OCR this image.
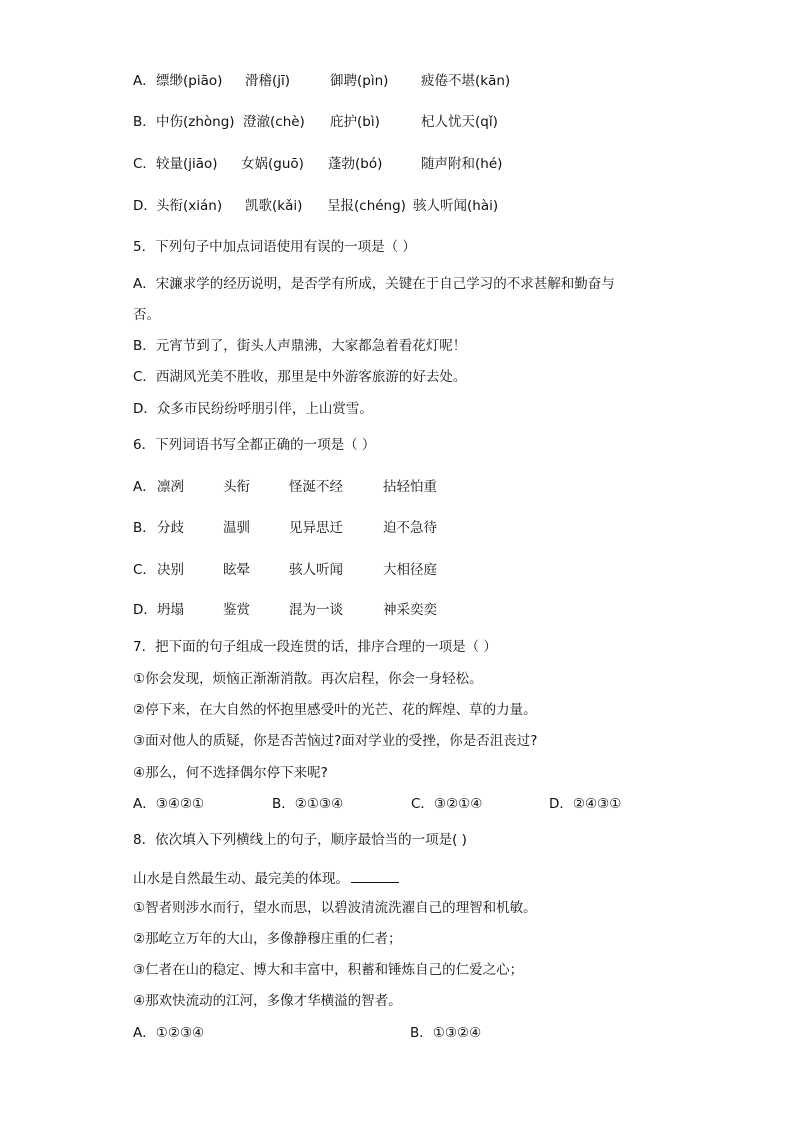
A． 缥缈(piāo) 滑稽(jī)	御聘(pìn) 疲倦不堪(kān)
B． 中伤(zhòng) 澄澈(chè) 庇护(bì)	杞人忧天(qǐ)
C． 较量(jiāo) 女娲(guō) 蓬勃(bó)	随声附和(hé)
D． 头衔(xián) 凯歌(kǎi) 呈报(chéng) 骇人听闻(hài)
5．下列句子中加点词语使用有误的一项是（ ）
A．宋濂求学的经历说明，是否学有所成，关键在于自己学习的不求甚解和勤奋与
否。
B．元宵节到了，街头人声鼎沸，大家都急着看花灯呢！
C．西湖风光美不胜收，那里是中外游客旅游的好去处。
D．众多市民纷纷呼朋引伴，上山赏雪。
6．下列词语书写全都正确的一项是（ ）
A． 凛冽	头衔	怪涎不经	拈轻怕重
B． 分歧	温驯	见异思迁	迫不急待
C． 决别	眩晕	骇人听闻	大相径庭
D． 坍塌	鉴赏	混为一谈	神采奕奕
7．把下面的句子组成一段连贯的话，排序合理的一项是（ ）
①你会发现，烦恼正渐渐消散。再次启程，你会一身轻松。
②停下来，在大自然的怀抱里感受叶的光芒、花的辉煌、草的力量。
③面对他人的质疑，你是否苦恼过?面对学业的受挫，你是否沮丧过?
④那么，何不选择偶尔停下来呢?
A．③④②①	B．②①③④	C．③②①④	D．②④③①
8．依次填入下列横线上的句子，顺序最恰当的一项是( )
山水是自然最生动、最完美的体现。
①智者则涉水而行，望水而思，以碧波清流洗濯自己的理智和机敏。
②那屹立万年的大山，多像静穆庄重的仁者；
③仁者在山的稳定、博大和丰富中，积蓄和锤炼自己的仁爱之心；
④那欢快流动的江河，多像才华横溢的智者。
A．①②③④	B．①③②④
